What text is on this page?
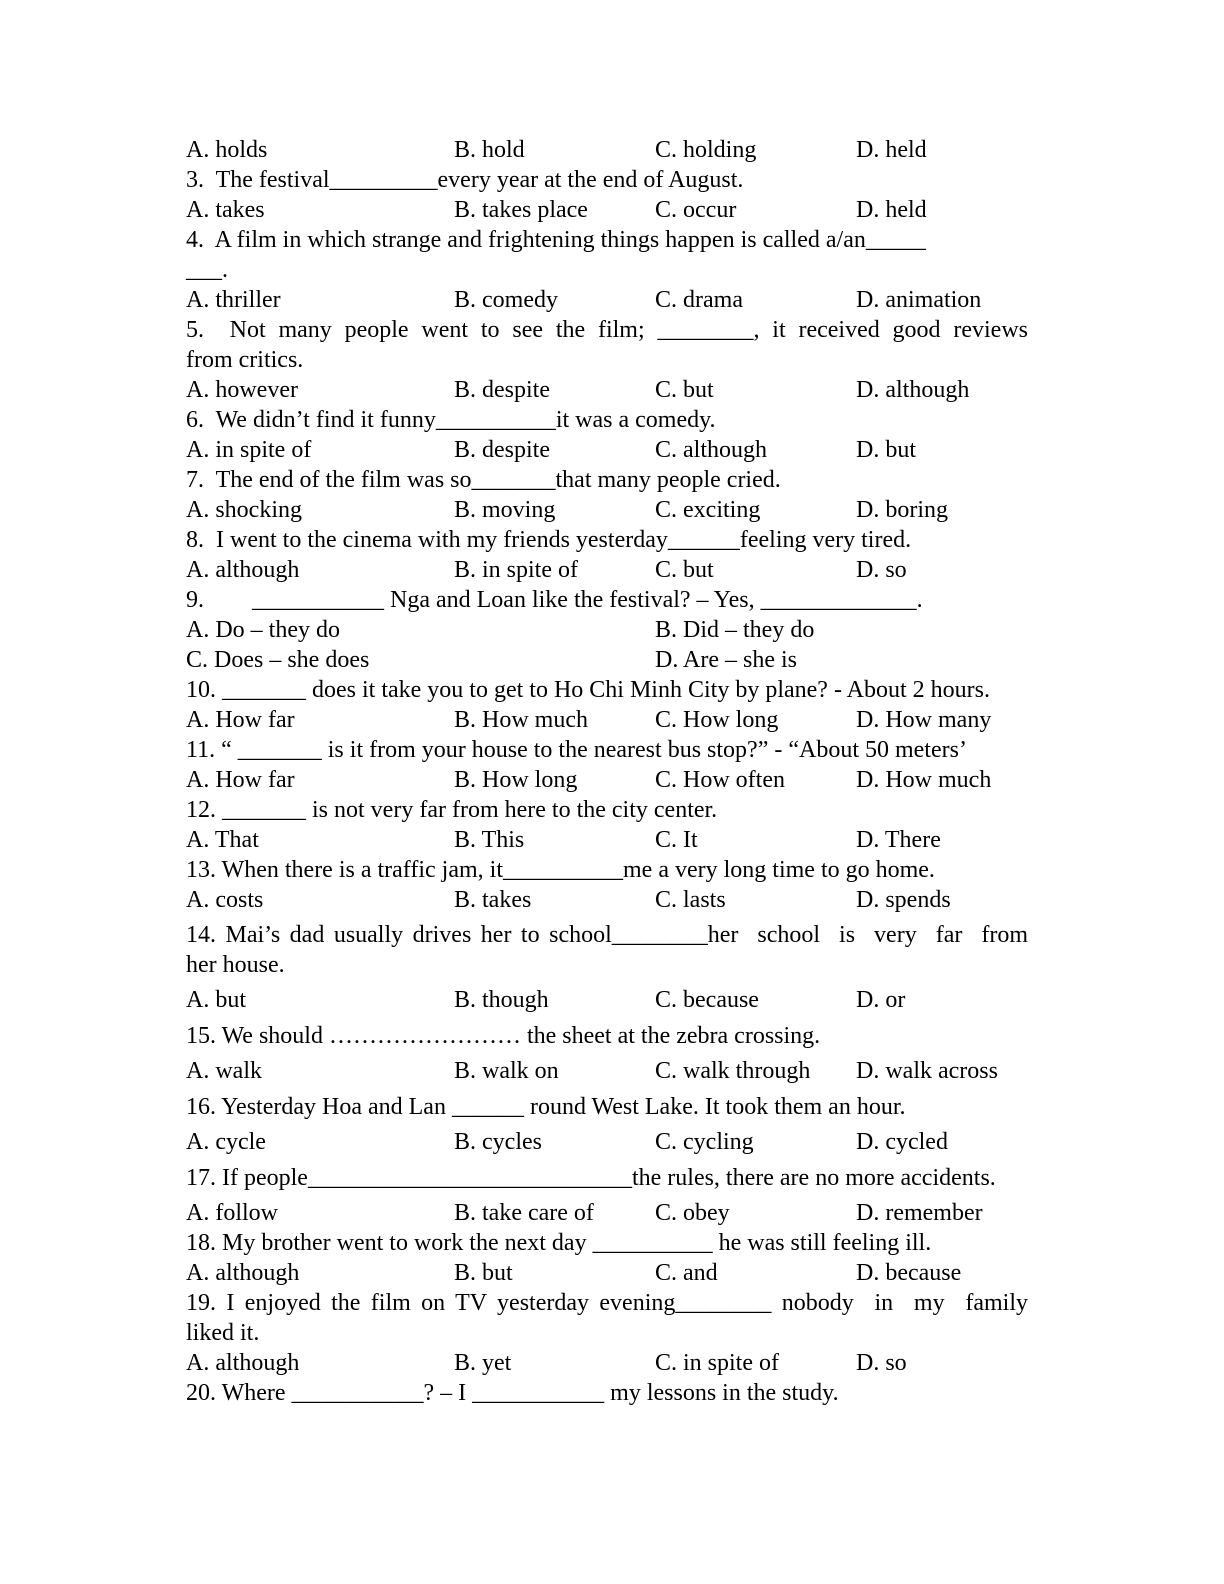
A. holds	B. hold	C. holding	D. held
3.  The festival_________every year at the end of August.
A. takes	B. takes place	C. occur	D. held
4.  A film in which strange and frightening things happen is called a/an_____
___.
A. thriller	B. comedy	C. drama	D. animation
5.  Not many people went to see the film; ________, it received good reviews
from critics.
A. however	B. despite	C. but	D. although
6.  We didn’t find it funny__________it was a comedy.
A. in spite of	B. despite	C. although	D. but
7.  The end of the film was so_______that many people cried.
A. shocking	B. moving	C. exciting	D. boring
8.  I went to the cinema with my friends yesterday______feeling very tired.
A. although	B. in spite of	C. but	D. so
9.        ___________ Nga and Loan like the festival? – Yes, _____________.
A. Do – they do	B. Did – they do
C. Does – she does	D. Are – she is
10. _______ does it take you to get to Ho Chi Minh City by plane? - About 2 hours.
A. How far	B. How much	C. How long	D. How many
11. “ _______ is it from your house to the nearest bus stop?” - “About 50 meters’
A. How far	B. How long	C. How often	D. How much
12. _______ is not very far from here to the city center.
A. That	B. This	C. It	D. There
13. When there is a traffic jam, it__________me a very long time to go home.
A. costs	B. takes	C. lasts	D. spends
14. Mai’s dad usually drives her to school________her  school  is  very  far  from
her house.
A. but	B. though	C. because	D. or
15. We should …………………… the sheet at the zebra crossing.
A. walk	B. walk on	C. walk through D. walk across
16. Yesterday Hoa and Lan ______ round West Lake. It took them an hour.
A. cycle	B. cycles	C. cycling	D. cycled
17. If people___________________________the rules, there are no more accidents.
A. follow	B. take care of	C. obey	D. remember
18. My brother went to work the next day __________ he was still feeling ill.
A. although	B. but	C. and	D. because
19. I enjoyed the film on TV yesterday evening________ nobody  in  my  family
liked it.
A. although	B. yet	C. in spite of	D. so
20. Where ___________? – I ___________ my lessons in the study.
